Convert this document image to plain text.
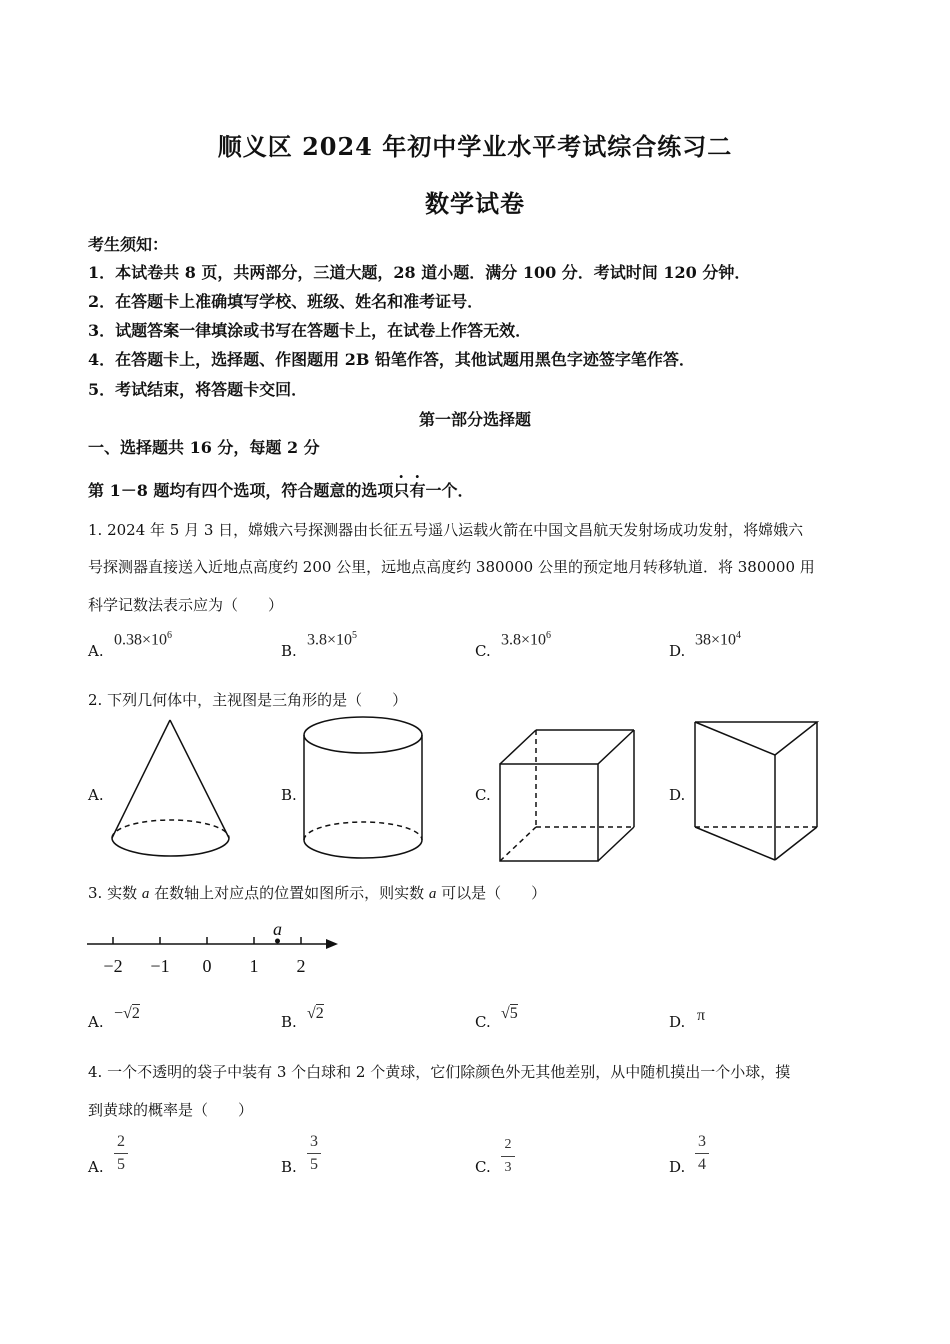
顺义区 2024 年初中学业水平考试综合练习二
数学试卷
考生须知：
1．本试卷共 8 页，共两部分，三道大题，28 道小题．满分 100 分．考试时间 120 分钟．
2．在答题卡上准确填写学校、班级、姓名和准考证号．
3．试题答案一律填涂或书写在答题卡上，在试卷上作答无效．
4．在答题卡上，选择题、作图题用 2B 铅笔作答，其他试题用黑色字迹签字笔作答．
5．考试结束，将答题卡交回．
第一部分选择题
一、选择题共 16 分，每题 2 分
第 1－8 题均有四个选项，符合题意的选项只有一个．
1. 2024 年 5 月 3 日，嫦娥六号探测器由长征五号遥八运载火箭在中国文昌航天发射场成功发射，将嫦娥六
号探测器直接送入近地点高度约 200 公里，远地点高度约 380000 公里的预定地月转移轨道．将 380000 用
科学记数法表示应为（　　）
A.
$0.38\times 10^6$
B.
$3.8\times 10^5$
C.
$3.8\times 10^6$
D.
$38\times 10^4$
2. 下列几何体中，主视图是三角形的是（　　）
A.	B.	C.	D.
3. 实数 a 在数轴上对应点的位置如图所示，则实数 a 可以是（　　）
−2 −1 0 1 2
a
A. −√2	B. √2	C. √5	D. π
4. 一个不透明的袋子中装有 3 个白球和 2 个黄球，它们除颜色外无其他差别，从中随机摸出一个小球，摸
到黄球的概率是（　　）
A.
2
5	B.
3
5	C.
2
3	D.
3
4
